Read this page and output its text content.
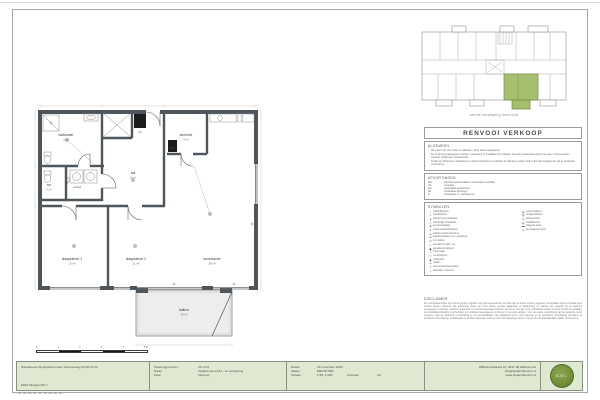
badkamer
6 m²
wc
2 m²
hal
9 m²
techniek
4 m²
slaapkamer 1
13 m²
slaapkamer 2
11 m²
woonkamer
38 m²
balkon
10 m²
mk
wm/wd
wtw
eerste verdieping overzicht
RENVOOI VERKOOP
ALGEMEEN
- Alle maten zijn circa maten in millimeters, tenzij anders aangegeven.
- De op tekening aangegeven indeling, maatvoering en installaties zijn indicatief. Aan deze verkooptekening kunnen geen rechten worden ontleend. Wijzigingen voorbehouden.
- Positie van lichtpunten, schakelaars en wandcontactdozen is indicatief; de definitieve positie wordt in het werk bepaald. Zie ook de technische omschrijving.
AFKORTINGEN
wtw	warmteterugwininstallatie (mechanische ventilatie)
mk	meterkast
wm	opstelplaats wasmachine
wd	opstelplaats wasdroger
cv	opstelplaats cv / warmtepomp
SYMBOLEN
○ plafondlichtpunt
◐ wandlichtpunt
● lichtpunt met schakelaar
◇ enkelpolige schakelaar
◈ wisselschakelaar
⊙ enkele wandcontactdoos
⊚ dubbele wandcontactdoos
⊛ wandcontactdoos t.b.v. apparatuur
∅ loze leiding
◻ aansluitpunt data / cai
◼ aansluitpunt telefoon
△ thermostaat
▽ mv-afzuigpunt
◉ rookmelder
▭ radiator
≈ vloerverwarmingsverdeler
⌂ beldrukker / intercom
▤ systeemplafond
▨ verlaagd plafond
◫ leidingschacht
▥ installatiezone
▬ dragende wand
▭ niet-dragende wand
DISCLAIMER
De verkooptekeningen zijn met de grootst mogelijke zorg samengesteld aan de hand van de meest recente gegevens. Desondanks kunnen hieraan geen rechten worden ontleend. Alle genoemde maten zijn circa maten; geringe afwijkingen in maatvoering en indeling zijn mogelijk. De op tekening weergegeven inrichting, meubels, apparatuur en groenvoorzieningen behoren niet tot de levering, tenzij uitdrukkelijk anders vermeld. Positie en aantallen van installatietechnische voorzieningen zijn indicatief weergegeven en kunnen in het werk wijzigen. Voor de exacte omschrijving van het gekochte wordt verwezen naar de technische omschrijving en de contractstukken. Bij strijdigheid tussen deze tekening en de technische omschrijving prevaleert de technische omschrijving. Ontwikkelaar en architect behouden zich het recht voor wijzigingen door te voeren die noodzakelijk blijken tijdens de uitvoering.
0	1	2	3	4	5 m
Nieuwbouw 29 appartementen Venloseweg 20-26 Horst
EDM Vastgoed B.V.
Tekeningnummer	VK-A14
Naam	Appartement A14 - 1e verdieping
Fase	Verkoop
Datum	20 november 2025
Status	DEFINITIEF
Schaal	1:50, 1:200	Formaat	A3
Wilhelminastraat 12, 4011 JB Zaltbommel
info@sjelarchitecten.nl
www.sjelarchitecten.nl	SJEL
